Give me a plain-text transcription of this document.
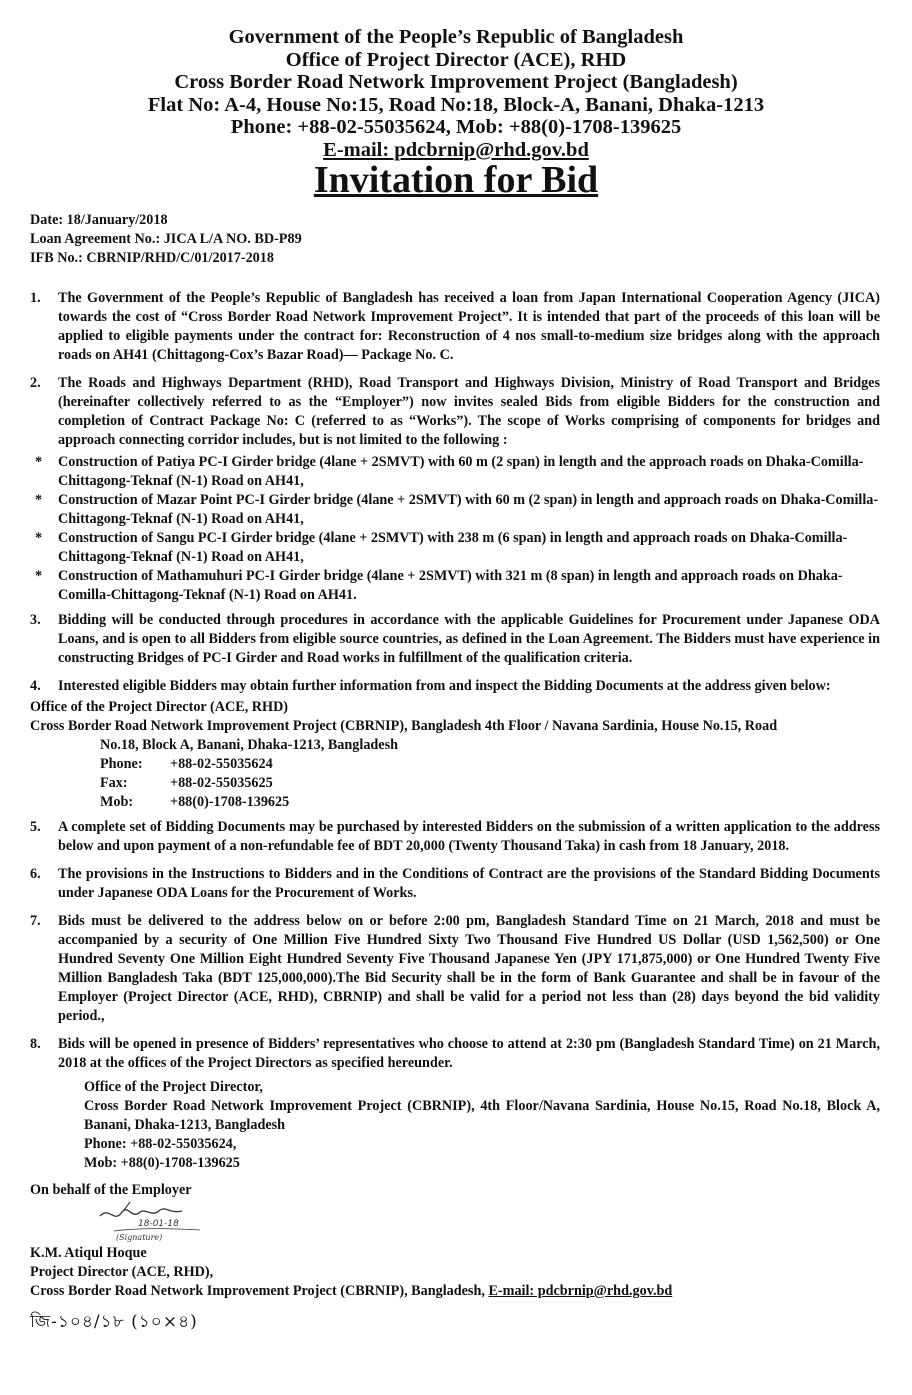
Government of the People’s Republic of Bangladesh
Office of Project Director (ACE), RHD
Cross Border Road Network Improvement Project (Bangladesh)
Flat No: A-4, House No:15, Road No:18, Block-A, Banani, Dhaka-1213
Phone: +88-02-55035624, Mob: +88(0)-1708-139625
E-mail: pdcbrnip@rhd.gov.bd
Invitation for Bid
Date: 18/January/2018
Loan Agreement No.: JICA L/A NO. BD-P89
IFB No.: CBRNIP/RHD/C/01/2017-2018
1.	The Government of the People’s Republic of Bangladesh has received a loan from Japan International Cooperation Agency (JICA) towards the cost of “Cross Border Road Network Improvement Project”. It is intended that part of the proceeds of this loan will be applied to eligible payments under the contract for: Reconstruction of 4 nos small-to-medium size bridges along with the approach roads on AH41 (Chittagong-Cox’s Bazar Road)— Package No. C.
2.	The Roads and Highways Department (RHD), Road Transport and Highways Division, Ministry of Road Transport and Bridges (hereinafter collectively referred to as the “Employer”) now invites sealed Bids from eligible Bidders for the construction and completion of Contract Package No: C (referred to as “Works”). The scope of Works comprising of components for bridges and approach connecting corridor includes, but is not limited to the following :
*	Construction of Patiya PC-I Girder bridge (4lane + 2SMVT) with 60 m (2 span) in length and the approach roads on Dhaka-Comilla-Chittagong-Teknaf (N-1) Road on AH41,
*	Construction of Mazar Point PC-I Girder bridge (4lane + 2SMVT) with 60 m (2 span) in length and approach roads on Dhaka-Comilla-Chittagong-Teknaf (N-1) Road on AH41,
*	Construction of Sangu PC-I Girder bridge (4lane + 2SMVT) with 238 m (6 span) in length and approach roads on Dhaka-Comilla-Chittagong-Teknaf (N-1) Road on AH41,
*	Construction of Mathamuhuri PC-I Girder bridge (4lane + 2SMVT) with 321 m (8 span) in length and approach roads on Dhaka-Comilla-Chittagong-Teknaf (N-1) Road on AH41.
3.	Bidding will be conducted through procedures in accordance with the applicable Guidelines for Procurement under Japanese ODA Loans, and is open to all Bidders from eligible source countries, as defined in the Loan Agreement. The Bidders must have experience in constructing Bridges of PC-I Girder and Road works in fulfillment of the qualification criteria.
4.	Interested eligible Bidders may obtain further information from and inspect the Bidding Documents at the address given below:
Office of the Project Director (ACE, RHD)
Cross Border Road Network Improvement Project (CBRNIP), Bangladesh 4th Floor / Navana Sardinia, House No.15, Road
No.18, Block A, Banani, Dhaka-1213, Bangladesh
Phone:	+88-02-55035624
Fax:	+88-02-55035625
Mob:	+88(0)-1708-139625
5.	A complete set of Bidding Documents may be purchased by interested Bidders on the submission of a written application to the address below and upon payment of a non-refundable fee of BDT 20,000 (Twenty Thousand Taka) in cash from 18 January, 2018.
6.	The provisions in the Instructions to Bidders and in the Conditions of Contract are the provisions of the Standard Bidding Documents under Japanese ODA Loans for the Procurement of Works.
7.	Bids must be delivered to the address below on or before 2:00 pm, Bangladesh Standard Time on 21 March, 2018 and must be accompanied by a security of One Million Five Hundred Sixty Two Thousand Five Hundred US Dollar (USD 1,562,500) or One Hundred Seventy One Million Eight Hundred Seventy Five Thousand Japanese Yen (JPY 171,875,000) or One Hundred Twenty Five Million Bangladesh Taka (BDT 125,000,000).The Bid Security shall be in the form of Bank Guarantee and shall be in favour of the Employer (Project Director (ACE, RHD), CBRNIP) and shall be valid for a period not less than (28) days beyond the bid validity period.,
8.	Bids will be opened in presence of Bidders’ representatives who choose to attend at 2:30 pm (Bangladesh Standard Time) on 21 March, 2018 at the offices of the Project Directors as specified hereunder.
Office of the Project Director,
Cross Border Road Network Improvement Project (CBRNIP), 4th Floor/Navana Sardinia, House No.15, Road No.18, Block A, Banani, Dhaka-1213, Bangladesh
Phone: +88-02-55035624,
Mob: +88(0)-1708-139625
On behalf of the Employer
18-01-18
(Signature)
K.M. Atiqul Hoque
Project Director (ACE, RHD),
Cross Border Road Network Improvement Project (CBRNIP), Bangladesh, E-mail: pdcbrnip@rhd.gov.bd
জি-১০৪/১৮ (১০×৪)
